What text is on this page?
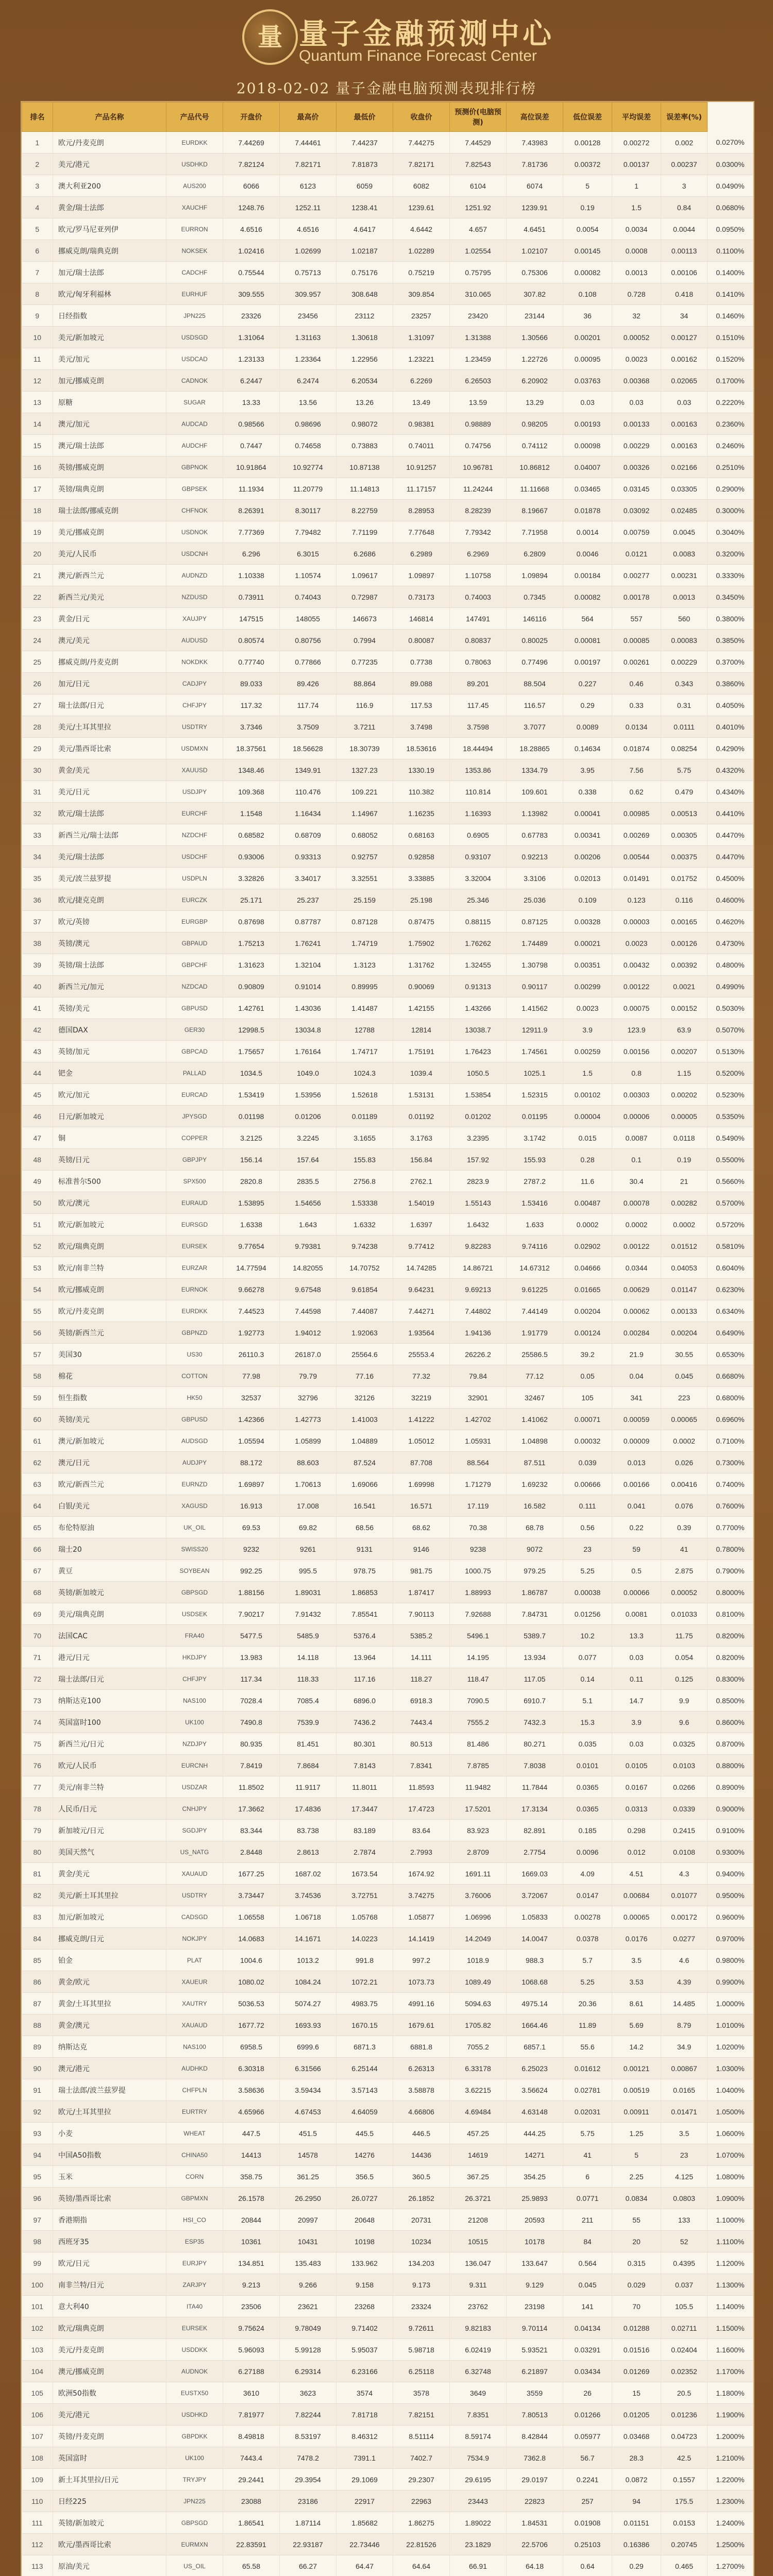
量 量子金融预测中心
Quantum Finance Forecast Center
2018-02-02 量子金融电脑预测表现排行榜
排名	产品名称	产品代号	开盘价	最高价	最低价	收盘价	预测价(电脑预测)	高位误差	低位误差	平均误差	误差率(%)	
1	欧元/丹麦克朗	EURDKK	7.44269	7.44461	7.44237	7.44275	7.44529	7.43983	0.00128	0.00272	0.002	0.0270%
2	美元/港元	USDHKD	7.82124	7.82171	7.81873	7.82171	7.82543	7.81736	0.00372	0.00137	0.00237	0.0300%
3	澳大利亚200	AUS200	6066	6123	6059	6082	6104	6074	5	1	3	0.0490%
4	黄金/瑞士法郎	XAUCHF	1248.76	1252.11	1238.41	1239.61	1251.92	1239.91	0.19	1.5	0.84	0.0680%
5	欧元/罗马尼亚列伊	EURRON	4.6516	4.6516	4.6417	4.6442	4.657	4.6451	0.0054	0.0034	0.0044	0.0950%
6	挪威克朗/瑞典克朗	NOKSEK	1.02416	1.02699	1.02187	1.02289	1.02554	1.02107	0.00145	0.0008	0.00113	0.1100%
7	加元/瑞士法郎	CADCHF	0.75544	0.75713	0.75176	0.75219	0.75795	0.75306	0.00082	0.0013	0.00106	0.1400%
8	欧元/匈牙利福林	EURHUF	309.555	309.957	308.648	309.854	310.065	307.82	0.108	0.728	0.418	0.1410%
9	日经指数	JPN225	23326	23456	23112	23257	23420	23144	36	32	34	0.1460%
10	美元/新加坡元	USDSGD	1.31064	1.31163	1.30618	1.31097	1.31388	1.30566	0.00201	0.00052	0.00127	0.1510%
11	美元/加元	USDCAD	1.23133	1.23364	1.22956	1.23221	1.23459	1.22726	0.00095	0.0023	0.00162	0.1520%
12	加元/挪威克朗	CADNOK	6.2447	6.2474	6.20534	6.2269	6.26503	6.20902	0.03763	0.00368	0.02065	0.1700%
13	原糖	SUGAR	13.33	13.56	13.26	13.49	13.59	13.29	0.03	0.03	0.03	0.2220%
14	澳元/加元	AUDCAD	0.98566	0.98696	0.98072	0.98381	0.98889	0.98205	0.00193	0.00133	0.00163	0.2360%
15	澳元/瑞士法郎	AUDCHF	0.7447	0.74658	0.73883	0.74011	0.74756	0.74112	0.00098	0.00229	0.00163	0.2460%
16	英镑/挪威克朗	GBPNOK	10.91864	10.92774	10.87138	10.91257	10.96781	10.86812	0.04007	0.00326	0.02166	0.2510%
17	英镑/瑞典克朗	GBPSEK	11.1934	11.20779	11.14813	11.17157	11.24244	11.11668	0.03465	0.03145	0.03305	0.2900%
18	瑞士法郎/挪威克朗	CHFNOK	8.26391	8.30117	8.22759	8.28953	8.28239	8.19667	0.01878	0.03092	0.02485	0.3000%
19	美元/挪威克朗	USDNOK	7.77369	7.79482	7.71199	7.77648	7.79342	7.71958	0.0014	0.00759	0.0045	0.3040%
20	美元/人民币	USDCNH	6.296	6.3015	6.2686	6.2989	6.2969	6.2809	0.0046	0.0121	0.0083	0.3200%
21	澳元/新西兰元	AUDNZD	1.10338	1.10574	1.09617	1.09897	1.10758	1.09894	0.00184	0.00277	0.00231	0.3330%
22	新西兰元/美元	NZDUSD	0.73911	0.74043	0.72987	0.73173	0.74003	0.7345	0.00082	0.00178	0.0013	0.3450%
23	黄金/日元	XAUJPY	147515	148055	146673	146814	147491	146116	564	557	560	0.3800%
24	澳元/美元	AUDUSD	0.80574	0.80756	0.7994	0.80087	0.80837	0.80025	0.00081	0.00085	0.00083	0.3850%
25	挪威克朗/丹麦克朗	NOKDKK	0.77740	0.77866	0.77235	0.7738	0.78063	0.77496	0.00197	0.00261	0.00229	0.3700%
26	加元/日元	CADJPY	89.033	89.426	88.864	89.088	89.201	88.504	0.227	0.46	0.343	0.3860%
27	瑞士法郎/日元	CHFJPY	117.32	117.74	116.9	117.53	117.45	116.57	0.29	0.33	0.31	0.4050%
28	美元/土耳其里拉	USDTRY	3.7346	3.7509	3.7211	3.7498	3.7598	3.7077	0.0089	0.0134	0.0111	0.4010%
29	美元/墨西哥比索	USDMXN	18.37561	18.56628	18.30739	18.53616	18.44494	18.28865	0.14634	0.01874	0.08254	0.4290%
30	黄金/美元	XAUUSD	1348.46	1349.91	1327.23	1330.19	1353.86	1334.79	3.95	7.56	5.75	0.4320%
31	美元/日元	USDJPY	109.368	110.476	109.221	110.382	110.814	109.601	0.338	0.62	0.479	0.4340%
32	欧元/瑞士法郎	EURCHF	1.1548	1.16434	1.14967	1.16235	1.16393	1.13982	0.00041	0.00985	0.00513	0.4410%
33	新西兰元/瑞士法郎	NZDCHF	0.68582	0.68709	0.68052	0.68163	0.6905	0.67783	0.00341	0.00269	0.00305	0.4470%
34	美元/瑞士法郎	USDCHF	0.93006	0.93313	0.92757	0.92858	0.93107	0.92213	0.00206	0.00544	0.00375	0.4470%
35	美元/波兰兹罗提	USDPLN	3.32826	3.34017	3.32551	3.33885	3.32004	3.3106	0.02013	0.01491	0.01752	0.4500%
36	欧元/捷克克朗	EURCZK	25.171	25.237	25.159	25.198	25.346	25.036	0.109	0.123	0.116	0.4600%
37	欧元/英镑	EURGBP	0.87698	0.87787	0.87128	0.87475	0.88115	0.87125	0.00328	0.00003	0.00165	0.4620%
38	英镑/澳元	GBPAUD	1.75213	1.76241	1.74719	1.75902	1.76262	1.74489	0.00021	0.0023	0.00126	0.4730%
39	英镑/瑞士法郎	GBPCHF	1.31623	1.32104	1.3123	1.31762	1.32455	1.30798	0.00351	0.00432	0.00392	0.4800%
40	新西兰元/加元	NZDCAD	0.90809	0.91014	0.89995	0.90069	0.91313	0.90117	0.00299	0.00122	0.0021	0.4990%
41	英镑/美元	GBPUSD	1.42761	1.43036	1.41487	1.42155	1.43266	1.41562	0.0023	0.00075	0.00152	0.5030%
42	德国DAX	GER30	12998.5	13034.8	12788	12814	13038.7	12911.9	3.9	123.9	63.9	0.5070%
43	英镑/加元	GBPCAD	1.75657	1.76164	1.74717	1.75191	1.76423	1.74561	0.00259	0.00156	0.00207	0.5130%
44	钯金	PALLAD	1034.5	1049.0	1024.3	1039.4	1050.5	1025.1	1.5	0.8	1.15	0.5200%
45	欧元/加元	EURCAD	1.53419	1.53956	1.52618	1.53131	1.53854	1.52315	0.00102	0.00303	0.00202	0.5230%
46	日元/新加坡元	JPYSGD	0.01198	0.01206	0.01189	0.01192	0.01202	0.01195	0.00004	0.00006	0.00005	0.5350%
47	铜	COPPER	3.2125	3.2245	3.1655	3.1763	3.2395	3.1742	0.015	0.0087	0.0118	0.5490%
48	英镑/日元	GBPJPY	156.14	157.64	155.83	156.84	157.92	155.93	0.28	0.1	0.19	0.5500%
49	标准普尔500	SPX500	2820.8	2835.5	2756.8	2762.1	2823.9	2787.2	11.6	30.4	21	0.5660%
50	欧元/澳元	EURAUD	1.53895	1.54656	1.53338	1.54019	1.55143	1.53416	0.00487	0.00078	0.00282	0.5700%
51	欧元/新加坡元	EURSGD	1.6338	1.643	1.6332	1.6397	1.6432	1.633	0.0002	0.0002	0.0002	0.5720%
52	欧元/瑞典克朗	EURSEK	9.77654	9.79381	9.74238	9.77412	9.82283	9.74116	0.02902	0.00122	0.01512	0.5810%
53	欧元/南非兰特	EURZAR	14.77594	14.82055	14.70752	14.74285	14.86721	14.67312	0.04666	0.0344	0.04053	0.6040%
54	欧元/挪威克朗	EURNOK	9.66278	9.67548	9.61854	9.64231	9.69213	9.61225	0.01665	0.00629	0.01147	0.6230%
55	欧元/丹麦克朗	EURDKK	7.44523	7.44598	7.44087	7.44271	7.44802	7.44149	0.00204	0.00062	0.00133	0.6340%
56	英镑/新西兰元	GBPNZD	1.92773	1.94012	1.92063	1.93564	1.94136	1.91779	0.00124	0.00284	0.00204	0.6490%
57	美国30	US30	26110.3	26187.0	25564.6	25553.4	26226.2	25586.5	39.2	21.9	30.55	0.6530%
58	棉花	COTTON	77.98	79.79	77.16	77.32	79.84	77.12	0.05	0.04	0.045	0.6680%
59	恒生指数	HK50	32537	32796	32126	32219	32901	32467	105	341	223	0.6800%
60	英镑/美元	GBPUSD	1.42366	1.42773	1.41003	1.41222	1.42702	1.41062	0.00071	0.00059	0.00065	0.6960%
61	澳元/新加坡元	AUDSGD	1.05594	1.05899	1.04889	1.05012	1.05931	1.04898	0.00032	0.00009	0.0002	0.7100%
62	澳元/日元	AUDJPY	88.172	88.603	87.524	87.708	88.564	87.511	0.039	0.013	0.026	0.7300%
63	欧元/新西兰元	EURNZD	1.69897	1.70613	1.69066	1.69998	1.71279	1.69232	0.00666	0.00166	0.00416	0.7400%
64	白银/美元	XAGUSD	16.913	17.008	16.541	16.571	17.119	16.582	0.111	0.041	0.076	0.7600%
65	布伦特原油	UK_OIL	69.53	69.82	68.56	68.62	70.38	68.78	0.56	0.22	0.39	0.7700%
66	瑞士20	SWISS20	9232	9261	9131	9146	9238	9072	23	59	41	0.7800%
67	黄豆	SOYBEAN	992.25	995.5	978.75	981.75	1000.75	979.25	5.25	0.5	2.875	0.7900%
68	英镑/新加坡元	GBPSGD	1.88156	1.89031	1.86853	1.87417	1.88993	1.86787	0.00038	0.00066	0.00052	0.8000%
69	美元/瑞典克朗	USDSEK	7.90217	7.91432	7.85541	7.90113	7.92688	7.84731	0.01256	0.0081	0.01033	0.8100%
70	法国CAC	FRA40	5477.5	5485.9	5376.4	5385.2	5496.1	5389.7	10.2	13.3	11.75	0.8200%
71	港元/日元	HKDJPY	13.983	14.118	13.964	14.111	14.195	13.934	0.077	0.03	0.054	0.8200%
72	瑞士法郎/日元	CHFJPY	117.34	118.33	117.16	118.27	118.47	117.05	0.14	0.11	0.125	0.8300%
73	纳斯达克100	NAS100	7028.4	7085.4	6896.0	6918.3	7090.5	6910.7	5.1	14.7	9.9	0.8500%
74	英国富时100	UK100	7490.8	7539.9	7436.2	7443.4	7555.2	7432.3	15.3	3.9	9.6	0.8600%
75	新西兰元/日元	NZDJPY	80.935	81.451	80.301	80.513	81.486	80.271	0.035	0.03	0.0325	0.8700%
76	欧元/人民币	EURCNH	7.8419	7.8684	7.8143	7.8341	7.8785	7.8038	0.0101	0.0105	0.0103	0.8800%
77	美元/南非兰特	USDZAR	11.8502	11.9117	11.8011	11.8593	11.9482	11.7844	0.0365	0.0167	0.0266	0.8900%
78	人民币/日元	CNHJPY	17.3662	17.4836	17.3447	17.4723	17.5201	17.3134	0.0365	0.0313	0.0339	0.9000%
79	新加坡元/日元	SGDJPY	83.344	83.738	83.189	83.64	83.923	82.891	0.185	0.298	0.2415	0.9100%
80	美国天然气	US_NATG	2.8448	2.8613	2.7874	2.7993	2.8709	2.7754	0.0096	0.012	0.0108	0.9300%
81	黄金/美元	XAUAUD	1677.25	1687.02	1673.54	1674.92	1691.11	1669.03	4.09	4.51	4.3	0.9400%
82	美元/新土耳其里拉	USDTRY	3.73447	3.74536	3.72751	3.74275	3.76006	3.72067	0.0147	0.00684	0.01077	0.9500%
83	加元/新加坡元	CADSGD	1.06558	1.06718	1.05768	1.05877	1.06996	1.05833	0.00278	0.00065	0.00172	0.9600%
84	挪威克朗/日元	NOKJPY	14.0683	14.1671	14.0223	14.1419	14.2049	14.0047	0.0378	0.0176	0.0277	0.9700%
85	铂金	PLAT	1004.6	1013.2	991.8	997.2	1018.9	988.3	5.7	3.5	4.6	0.9800%
86	黄金/欧元	XAUEUR	1080.02	1084.24	1072.21	1073.73	1089.49	1068.68	5.25	3.53	4.39	0.9900%
87	黄金/土耳其里拉	XAUTRY	5036.53	5074.27	4983.75	4991.16	5094.63	4975.14	20.36	8.61	14.485	1.0000%
88	黄金/澳元	XAUAUD	1677.72	1693.93	1670.15	1679.61	1705.82	1664.46	11.89	5.69	8.79	1.0100%
89	纳斯达克	NAS100	6958.5	6999.6	6871.3	6881.8	7055.2	6857.1	55.6	14.2	34.9	1.0200%
90	澳元/港元	AUDHKD	6.30318	6.31566	6.25144	6.26313	6.33178	6.25023	0.01612	0.00121	0.00867	1.0300%
91	瑞士法郎/波兰兹罗提	CHFPLN	3.58636	3.59434	3.57143	3.58878	3.62215	3.56624	0.02781	0.00519	0.0165	1.0400%
92	欧元/土耳其里拉	EURTRY	4.65966	4.67453	4.64059	4.66806	4.69484	4.63148	0.02031	0.00911	0.01471	1.0500%
93	小麦	WHEAT	447.5	451.5	445.5	446.5	457.25	444.25	5.75	1.25	3.5	1.0600%
94	中国A50指数	CHINA50	14413	14578	14276	14436	14619	14271	41	5	23	1.0700%
95	玉米	CORN	358.75	361.25	356.5	360.5	367.25	354.25	6	2.25	4.125	1.0800%
96	英镑/墨西哥比索	GBPMXN	26.1578	26.2950	26.0727	26.1852	26.3721	25.9893	0.0771	0.0834	0.0803	1.0900%
97	香港期指	HSI_CO	20844	20997	20648	20731	21208	20593	211	55	133	1.1000%
98	西班牙35	ESP35	10361	10431	10198	10234	10515	10178	84	20	52	1.1100%
99	欧元/日元	EURJPY	134.851	135.483	133.962	134.203	136.047	133.647	0.564	0.315	0.4395	1.1200%
100	南非兰特/日元	ZARJPY	9.213	9.266	9.158	9.173	9.311	9.129	0.045	0.029	0.037	1.1300%
101	意大利40	ITA40	23506	23621	23268	23324	23762	23198	141	70	105.5	1.1400%
102	欧元/瑞典克朗	EURSEK	9.75624	9.78049	9.71402	9.72611	9.82183	9.70114	0.04134	0.01288	0.02711	1.1500%
103	美元/丹麦克朗	USDDKK	5.96093	5.99128	5.95037	5.98718	6.02419	5.93521	0.03291	0.01516	0.02404	1.1600%
104	澳元/挪威克朗	AUDNOK	6.27188	6.29314	6.23166	6.25118	6.32748	6.21897	0.03434	0.01269	0.02352	1.1700%
105	欧洲50指数	EUSTX50	3610	3623	3574	3578	3649	3559	26	15	20.5	1.1800%
106	美元/港元	USDHKD	7.81977	7.82244	7.81718	7.82151	7.8351	7.80513	0.01266	0.01205	0.01236	1.1900%
107	英镑/丹麦克朗	GBPDKK	8.49818	8.53197	8.46312	8.51114	8.59174	8.42844	0.05977	0.03468	0.04723	1.2000%
108	英国富时	UK100	7443.4	7478.2	7391.1	7402.7	7534.9	7362.8	56.7	28.3	42.5	1.2100%
109	新土耳其里拉/日元	TRYJPY	29.2441	29.3954	29.1069	29.2307	29.6195	29.0197	0.2241	0.0872	0.1557	1.2200%
110	日经225	JPN225	23088	23186	22917	22963	23443	22823	257	94	175.5	1.2300%
111	英镑/新加坡元	GBPSGD	1.86541	1.87114	1.85682	1.86275	1.89022	1.84531	0.01908	0.01151	0.0153	1.2400%
112	欧元/墨西哥比索	EURMXN	22.83591	22.93187	22.73446	22.81526	23.1829	22.5706	0.25103	0.16386	0.20745	1.2500%
113	原油/美元	US_OIL	65.58	66.27	64.47	64.64	66.91	64.18	0.64	0.29	0.465	1.2700%
